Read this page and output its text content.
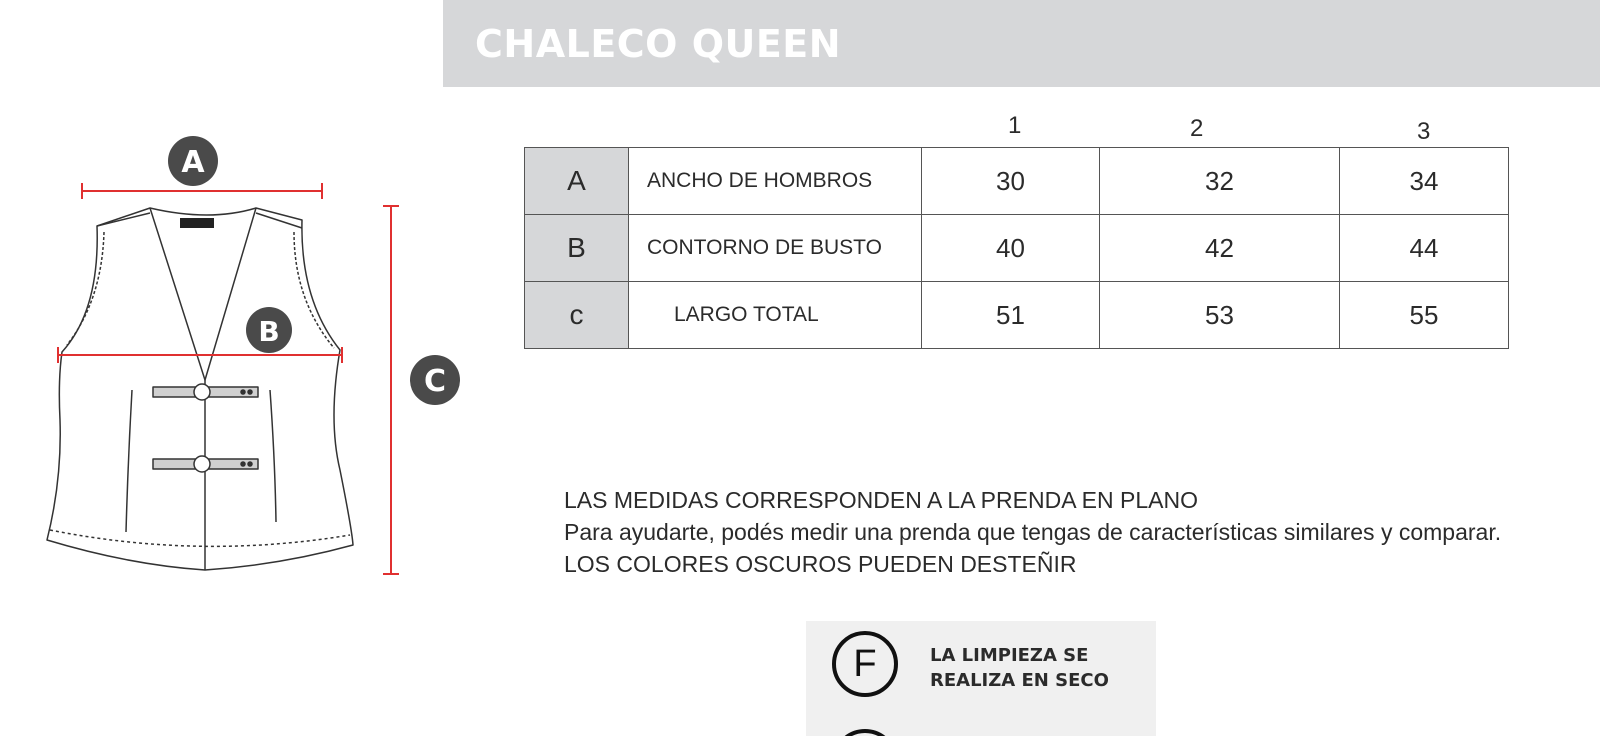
CHALECO QUEEN
A
B
C
1	2	3
A	ANCHO DE HOMBROS	30	32	34
B	CONTORNO DE BUSTO	40	42	44
c	LARGO TOTAL	51	53	55

LAS MEDIDAS CORRESPONDEN A LA PRENDA EN PLANO

Para ayudarte, podés medir una prenda que tengas de características similares y comparar.

LOS COLORES OSCUROS PUEDEN DESTEÑIR

F	LA LIMPIEZA SE
REALIZA EN SECO
